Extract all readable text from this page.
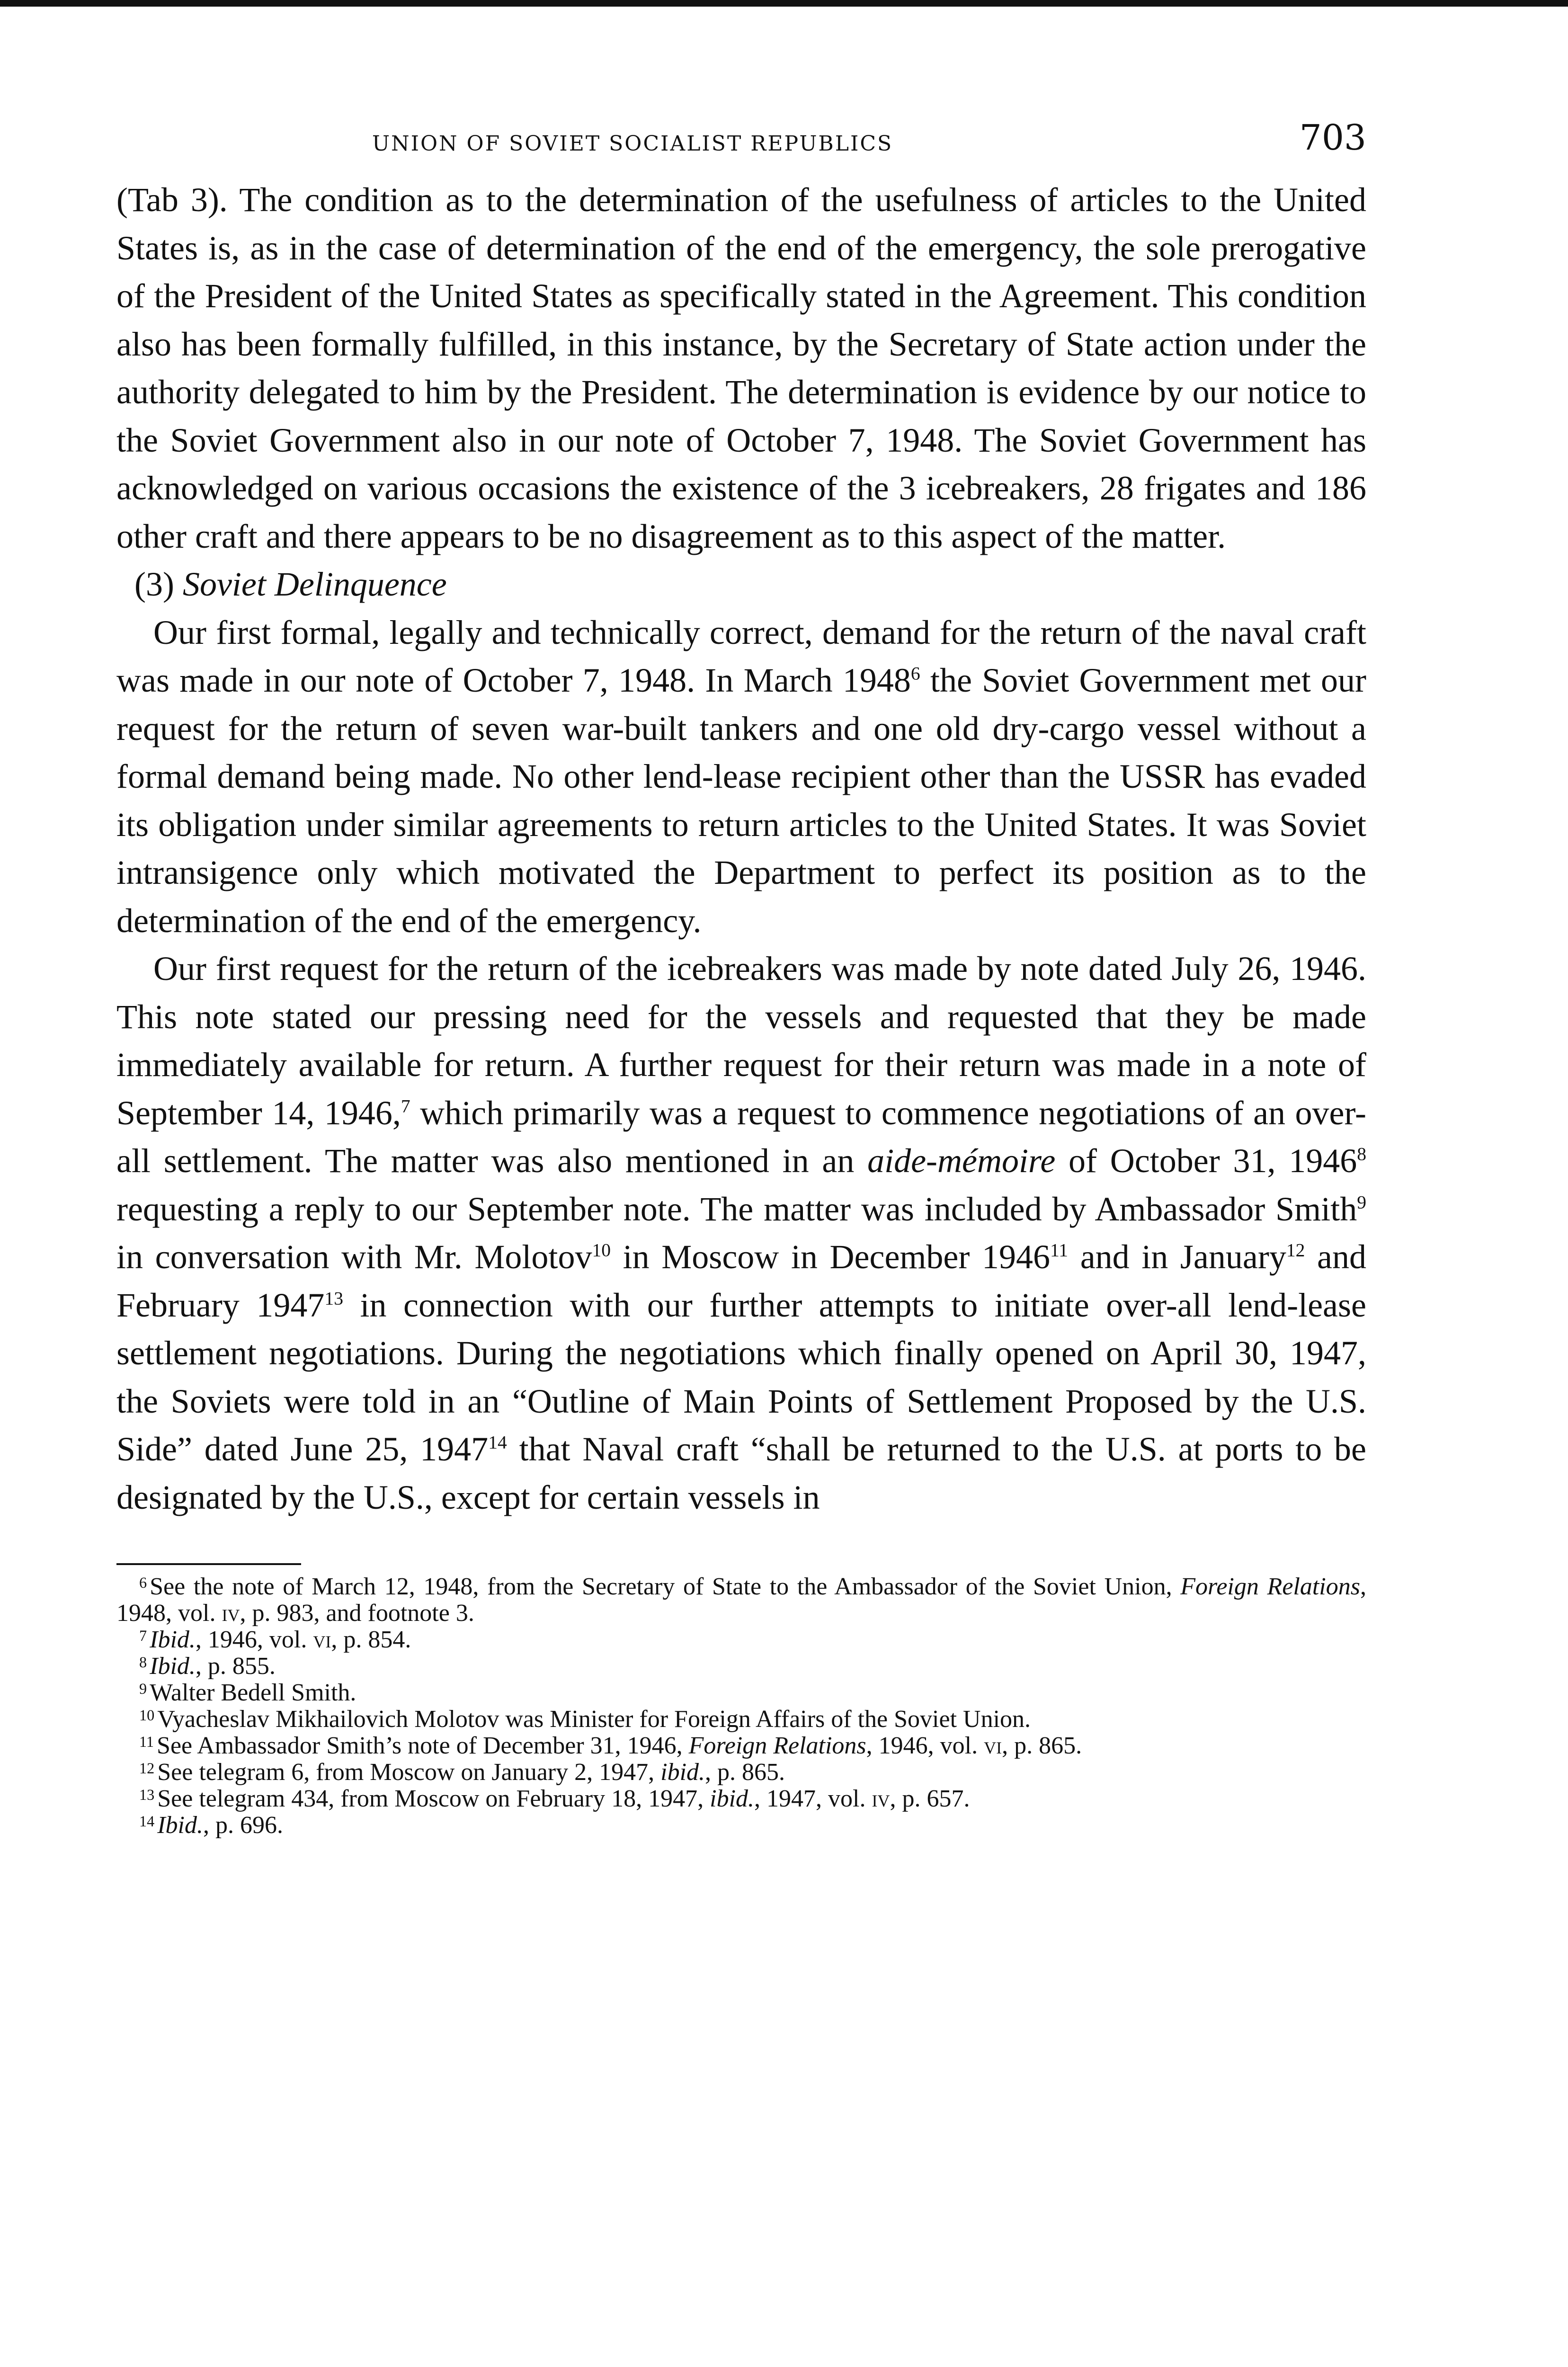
UNION OF SOVIET SOCIALIST REPUBLICS	703

(Tab 3). The condition as to the determination of the usefulness of articles to the United States is, as in the case of determination of the end of the emergency, the sole prerogative of the President of the United States as specifically stated in the Agreement. This condition also has been formally fulfilled, in this instance, by the Secretary of State action under the authority delegated to him by the President. The determination is evidence by our notice to the Soviet Government also in our note of October 7, 1948. The Soviet Government has acknowledged on various occasions the existence of the 3 icebreakers, 28 frigates and 186 other craft and there appears to be no disagreement as to this aspect of the matter.

(3) Soviet Delinquence

Our first formal, legally and technically correct, demand for the return of the naval craft was made in our note of October 7, 1948. In March 1948$^6$ the Soviet Government met our request for the return of seven war-built tankers and one old dry-cargo vessel without a formal demand being made. No other lend-lease recipient other than the USSR has evaded its obligation under similar agreements to return articles to the United States. It was Soviet intransigence only which motivated the Department to perfect its position as to the determination of the end of the emergency.

Our first request for the return of the icebreakers was made by note dated July 26, 1946. This note stated our pressing need for the vessels and requested that they be made immediately available for return. A further request for their return was made in a note of September 14, 1946,$^7$ which primarily was a request to commence negotiations of an over-all settlement. The matter was also mentioned in an aide-mémoire of October 31, 1946$^8$ requesting a reply to our September note. The matter was included by Ambassador Smith$^9$ in conversation with Mr. Molotov$^{10}$ in Moscow in December 1946$^{11}$ and in January$^{12}$ and February 1947$^{13}$ in connection with our further attempts to initiate over-all lend-lease settlement negotiations. During the negotiations which finally opened on April 30, 1947, the Soviets were told in an “Outline of Main Points of Settlement Proposed by the U.S. Side” dated June 25, 1947$^{14}$ that Naval craft “shall be returned to the U.S. at ports to be designated by the U.S., except for certain vessels in

$^6$ See the note of March 12, 1948, from the Secretary of State to the Ambassador of the Soviet Union, Foreign Relations, 1948, vol. iv, p. 983, and footnote 3.

$^7$ Ibid., 1946, vol. vi, p. 854.

$^8$ Ibid., p. 855.

$^9$ Walter Bedell Smith.

$^{10}$ Vyacheslav Mikhailovich Molotov was Minister for Foreign Affairs of the Soviet Union.

$^{11}$ See Ambassador Smith’s note of December 31, 1946, Foreign Relations, 1946, vol. vi, p. 865.

$^{12}$ See telegram 6, from Moscow on January 2, 1947, ibid., p. 865.

$^{13}$ See telegram 434, from Moscow on February 18, 1947, ibid., 1947, vol. iv, p. 657.

$^{14}$ Ibid., p. 696.
